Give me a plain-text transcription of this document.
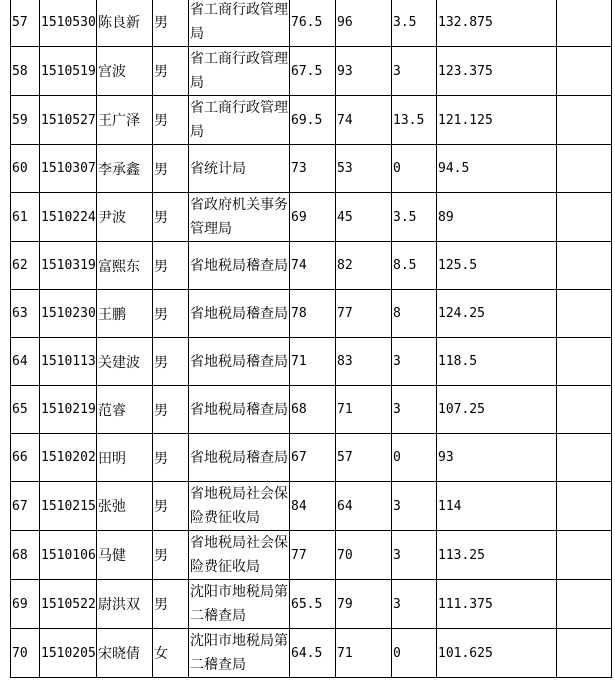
57	1510530	陈良新	男	省工商行政管理局	76.5	96	3.5	132.875	
58	1510519	宫波	男	省工商行政管理局	67.5	93	3	123.375	
59	1510527	王广泽	男	省工商行政管理局	69.5	74	13.5	121.125	
60	1510307	李承鑫	男	省统计局	73	53	0	94.5	
61	1510224	尹波	男	省政府机关事务管理局	69	45	3.5	89	
62	1510319	富熙东	男	省地税局稽查局	74	82	8.5	125.5	
63	1510230	王鹏	男	省地税局稽查局	78	77	8	124.25	
64	1510113	关建波	男	省地税局稽查局	71	83	3	118.5	
65	1510219	范睿	男	省地税局稽查局	68	71	3	107.25	
66	1510202	田明	男	省地税局稽查局	67	57	0	93	
67	1510215	张弛	男	省地税局社会保险费征收局	84	64	3	114	
68	1510106	马健	男	省地税局社会保险费征收局	77	70	3	113.25	
69	1510522	尉洪双	男	沈阳市地税局第二稽查局	65.5	79	3	111.375	
70	1510205	宋晓倩	女	沈阳市地税局第二稽查局	64.5	71	0	101.625	
